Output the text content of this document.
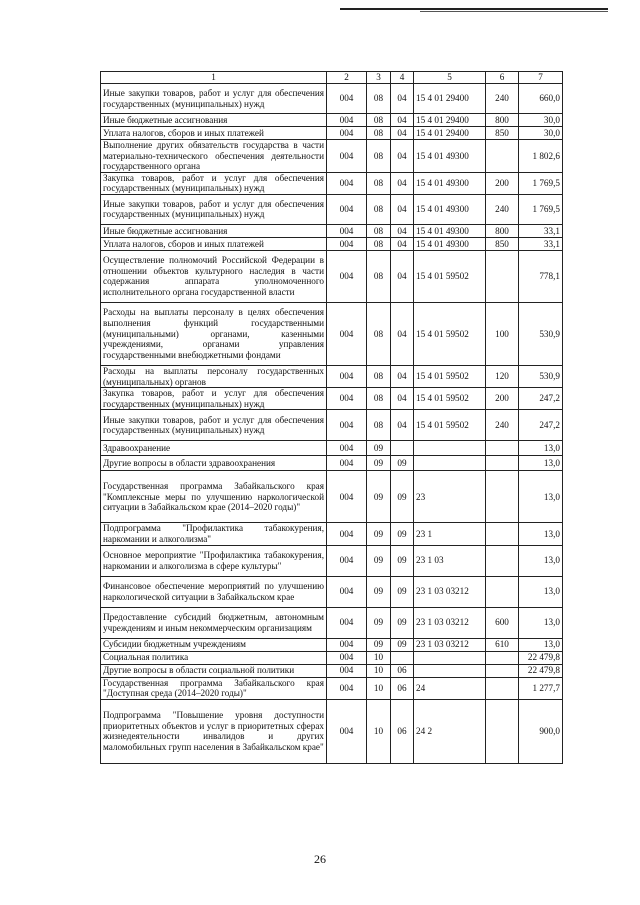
1	2	3	4	5	6	7
Иные закупки товаров, работ и услуг для обеспечения государственных (муниципальных) нужд	004	08	04	15 4 01 29400	240	660,0
Иные бюджетные ассигнования	004	08	04	15 4 01 29400	800	30,0
Уплата налогов, сборов и иных платежей	004	08	04	15 4 01 29400	850	30,0
Выполнение других обязательств государства в части материально-технического обеспечения деятельности государственного органа	004	08	04	15 4 01 49300		1 802,6
Закупка товаров, работ и услуг для обеспечения государственных (муниципальных) нужд	004	08	04	15 4 01 49300	200	1 769,5
Иные закупки товаров, работ и услуг для обеспечения государственных (муниципальных) нужд	004	08	04	15 4 01 49300	240	1 769,5
Иные бюджетные ассигнования	004	08	04	15 4 01 49300	800	33,1
Уплата налогов, сборов и иных платежей	004	08	04	15 4 01 49300	850	33,1
Осуществление полномочий Российской Федерации в отношении объектов культурного наследия в части содержания аппарата уполномоченного исполнительного органа государственной власти	004	08	04	15 4 01 59502		778,1
Расходы на выплаты персоналу в целях обеспечения выполнения функций государственными (муниципальными) органами, казенными учреждениями, органами управления государственными внебюджетными фондами	004	08	04	15 4 01 59502	100	530,9
Расходы на выплаты персоналу государственных (муниципальных) органов	004	08	04	15 4 01 59502	120	530,9
Закупка товаров, работ и услуг для обеспечения государственных (муниципальных) нужд	004	08	04	15 4 01 59502	200	247,2
Иные закупки товаров, работ и услуг для обеспечения государственных (муниципальных) нужд	004	08	04	15 4 01 59502	240	247,2
Здравоохранение	004	09				13,0
Другие вопросы в области здравоохранения	004	09	09			13,0
Государственная программа Забайкальского края "Комплексные меры по улучшению наркологической ситуации в Забайкальском крае (2014–2020 годы)"	004	09	09	23		13,0
Подпрограмма "Профилактика табакокурения, наркомании и алкоголизма"	004	09	09	23 1		13,0
Основное мероприятие "Профилактика табакокурения, наркомании и алкоголизма в сфере культуры"	004	09	09	23 1 03		13,0
Финансовое обеспечение мероприятий по улучшению наркологической ситуации в Забайкальском крае	004	09	09	23 1 03 03212		13,0
Предоставление субсидий бюджетным, автономным учреждениям и иным некоммерческим организациям	004	09	09	23 1 03 03212	600	13,0
Субсидии бюджетным учреждениям	004	09	09	23 1 03 03212	610	13,0
Социальная политика	004	10				22 479,8
Другие вопросы в области социальной политики	004	10	06			22 479,8
Государственная программа Забайкальского края "Доступная среда (2014–2020 годы)"	004	10	06	24		1 277,7
Подпрограмма "Повышение уровня доступности приоритетных объектов и услуг в приоритетных сферах жизнедеятельности инвалидов и других маломобильных групп населения в Забайкальском крае"	004	10	06	24 2		900,0
26
